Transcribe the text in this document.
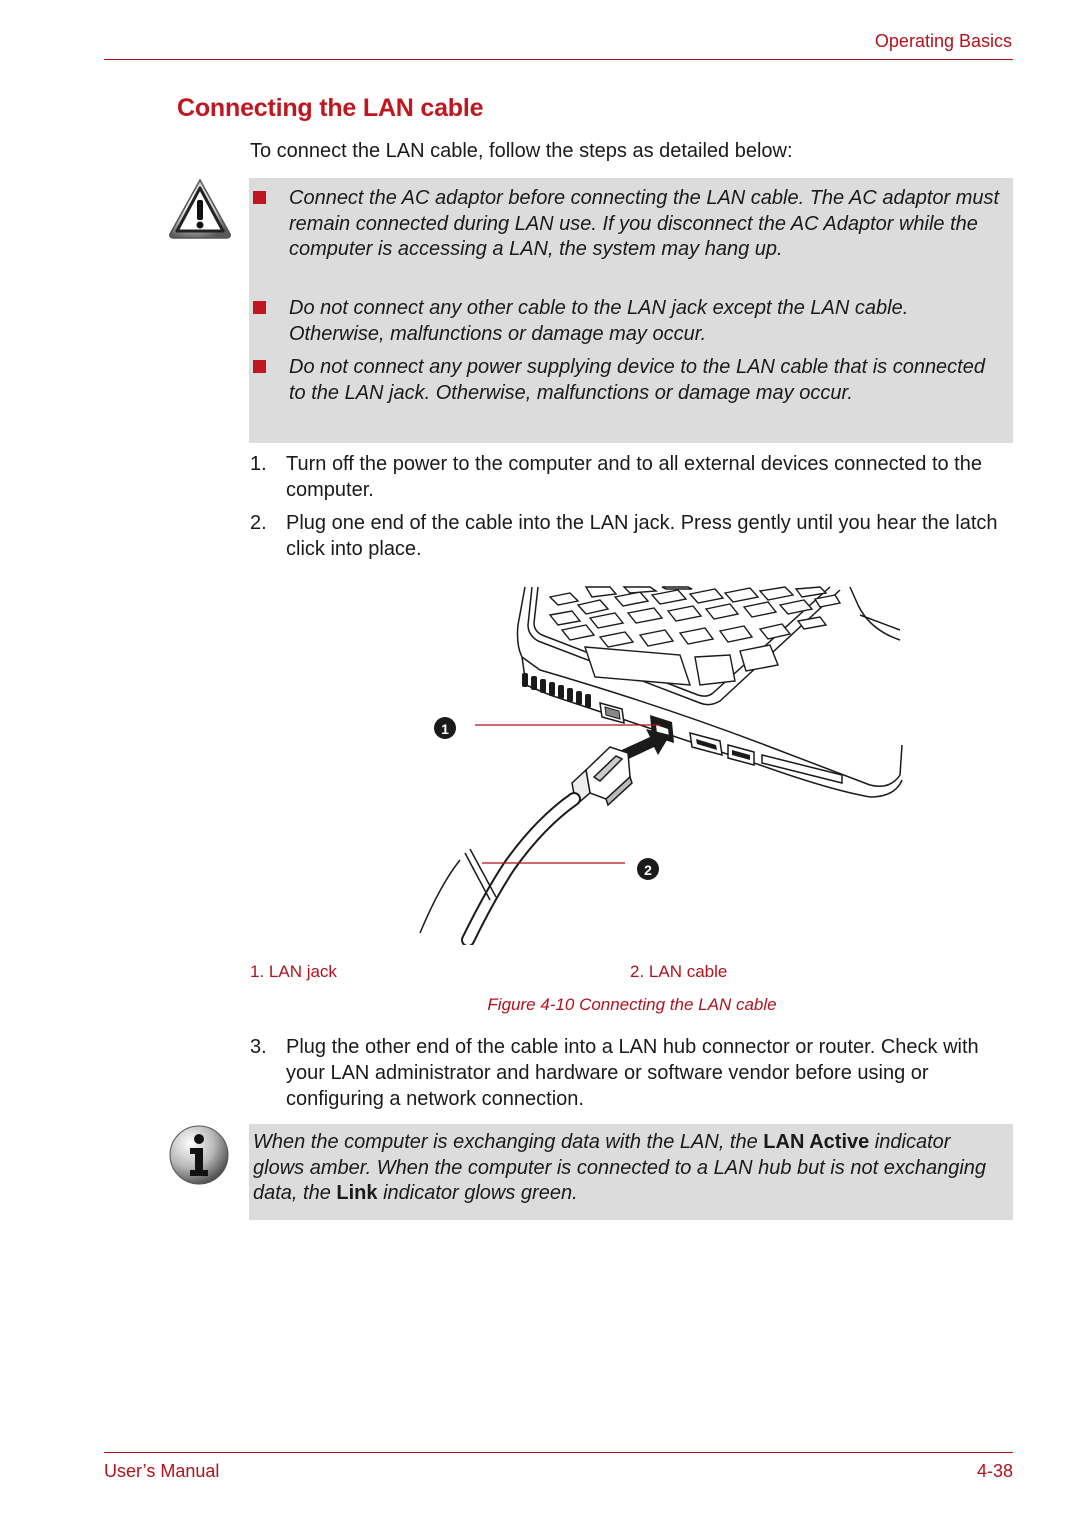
Operating Basics
Connecting the LAN cable
To connect the LAN cable, follow the steps as detailed below:
Connect the AC adaptor before connecting the LAN cable. The AC adaptor must remain connected during LAN use. If you disconnect the AC Adaptor while the computer is accessing a LAN, the system may hang up.
Do not connect any other cable to the LAN jack except the LAN cable. Otherwise, malfunctions or damage may occur.
Do not connect any power supplying device to the LAN cable that is connected to the LAN jack. Otherwise, malfunctions or damage may occur.
1. Turn off the power to the computer and to all external devices connected to the computer.
2. Plug one end of the cable into the LAN jack. Press gently until you hear the latch click into place.
1
2
1. LAN jack	2. LAN cable
Figure 4-10 Connecting the LAN cable
3. Plug the other end of the cable into a LAN hub connector or router. Check with your LAN administrator and hardware or software vendor before using or configuring a network connection.
When the computer is exchanging data with the LAN, the LAN Active indicator glows amber. When the computer is connected to a LAN hub but is not exchanging data, the Link indicator glows green.
User’s Manual	4-38
